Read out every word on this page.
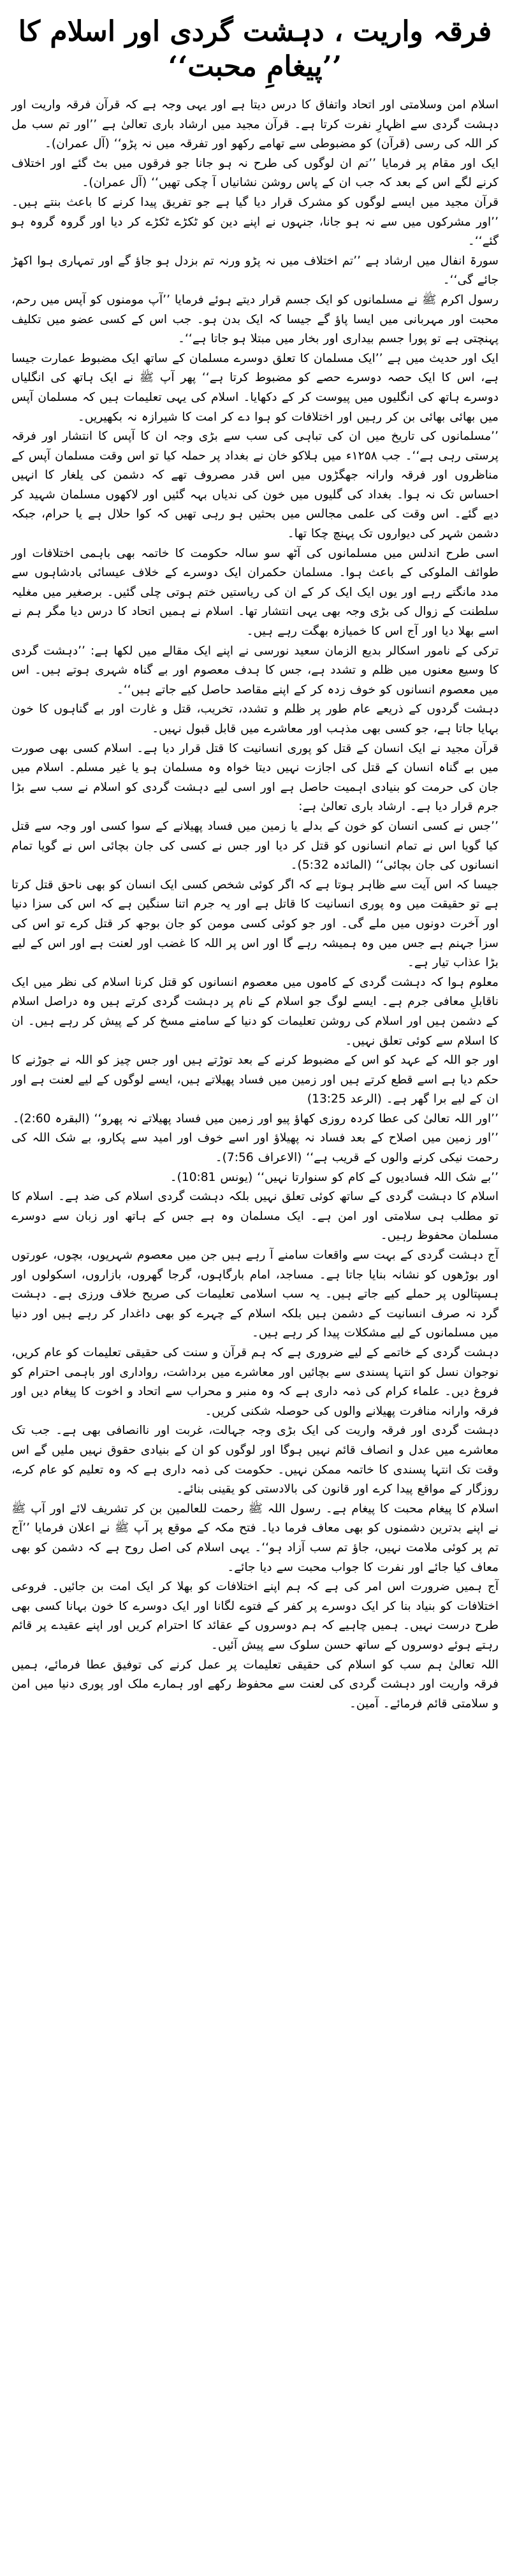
فرقہ واریت ، دہشت گردی اور اسلام کا ’’پیغامِ محبت‘‘

اسلام امن وسلامتی اور اتحاد واتفاق کا درس دیتا ہے اور یہی وجہ ہے کہ قرآن فرقہ واریت اور دہشت گردی سے اظہارِ نفرت کرتا ہے۔ قرآن مجید میں ارشاد باری تعالیٰ ہے ’’اور تم سب مل کر اللہ کی رسی (قرآن) کو مضبوطی سے تھامے رکھو اور تفرقہ میں نہ پڑو‘‘ (آل عمران)۔

ایک اور مقام پر فرمایا ’’تم ان لوگوں کی طرح نہ ہو جانا جو فرقوں میں بٹ گئے اور اختلاف کرنے لگے اس کے بعد کہ جب ان کے پاس روشن نشانیاں آ چکی تھیں‘‘ (آل عمران)۔

قرآن مجید میں ایسے لوگوں کو مشرک قرار دیا گیا ہے جو تفریق پیدا کرنے کا باعث بنتے ہیں۔ ’’اور مشرکوں میں سے نہ ہو جانا، جنہوں نے اپنے دین کو ٹکڑے ٹکڑے کر دیا اور گروہ گروہ ہو گئے‘‘۔

سورۃ انفال میں ارشاد ہے ’’تم اختلاف میں نہ پڑو ورنہ تم بزدل ہو جاؤ گے اور تمہاری ہوا اکھڑ جائے گی‘‘۔

رسول اکرم ﷺ نے مسلمانوں کو ایک جسم قرار دیتے ہوئے فرمایا ’’آپ مومنوں کو آپس میں رحم، محبت اور مہربانی میں ایسا پاؤ گے جیسا کہ ایک بدن ہو۔ جب اس کے کسی عضو میں تکلیف پہنچتی ہے تو پورا جسم بیداری اور بخار میں مبتلا ہو جاتا ہے‘‘۔

ایک اور حدیث میں ہے ’’ایک مسلمان کا تعلق دوسرے مسلمان کے ساتھ ایک مضبوط عمارت جیسا ہے، اس کا ایک حصہ دوسرے حصے کو مضبوط کرتا ہے‘‘ پھر آپ ﷺ نے ایک ہاتھ کی انگلیاں دوسرے ہاتھ کی انگلیوں میں پیوست کر کے دکھایا۔ اسلام کی یہی تعلیمات ہیں کہ مسلمان آپس میں بھائی بھائی بن کر رہیں اور اختلافات کو ہوا دے کر امت کا شیرازہ نہ بکھیریں۔

’’مسلمانوں کی تاریخ میں ان کی تباہی کی سب سے بڑی وجہ ان کا آپس کا انتشار اور فرقہ پرستی رہی ہے‘‘۔ جب ۱۲۵۸ء میں ہلاکو خان نے بغداد پر حملہ کیا تو اس وقت مسلمان آپس کے مناظروں اور فرقہ وارانہ جھگڑوں میں اس قدر مصروف تھے کہ دشمن کی یلغار کا انہیں احساس تک نہ ہوا۔ بغداد کی گلیوں میں خون کی ندیاں بہہ گئیں اور لاکھوں مسلمان شہید کر دیے گئے۔ اس وقت کی علمی مجالس میں بحثیں ہو رہی تھیں کہ کوا حلال ہے یا حرام، جبکہ دشمن شہر کی دیواروں تک پہنچ چکا تھا۔

اسی طرح اندلس میں مسلمانوں کی آٹھ سو سالہ حکومت کا خاتمہ بھی باہمی اختلافات اور طوائف الملوکی کے باعث ہوا۔ مسلمان حکمران ایک دوسرے کے خلاف عیسائی بادشاہوں سے مدد مانگتے رہے اور یوں ایک ایک کر کے ان کی ریاستیں ختم ہوتی چلی گئیں۔ برصغیر میں مغلیہ سلطنت کے زوال کی بڑی وجہ بھی یہی انتشار تھا۔ اسلام نے ہمیں اتحاد کا درس دیا مگر ہم نے اسے بھلا دیا اور آج اس کا خمیازہ بھگت رہے ہیں۔

ترکی کے نامور اسکالر بدیع الزمان سعید نورسی نے اپنے ایک مقالے میں لکھا ہے: ’’دہشت گردی کا وسیع معنوں میں ظلم و تشدد ہے، جس کا ہدف معصوم اور بے گناہ شہری ہوتے ہیں۔ اس میں معصوم انسانوں کو خوف زدہ کر کے اپنے مقاصد حاصل کیے جاتے ہیں‘‘۔

دہشت گردوں کے ذریعے عام طور پر ظلم و تشدد، تخریب، قتل و غارت اور بے گناہوں کا خون بہایا جاتا ہے، جو کسی بھی مذہب اور معاشرے میں قابل قبول نہیں۔

قرآن مجید نے ایک انسان کے قتل کو پوری انسانیت کا قتل قرار دیا ہے۔ اسلام کسی بھی صورت میں بے گناہ انسان کے قتل کی اجازت نہیں دیتا خواہ وہ مسلمان ہو یا غیر مسلم۔ اسلام میں جان کی حرمت کو بنیادی اہمیت حاصل ہے اور اسی لیے دہشت گردی کو اسلام نے سب سے بڑا جرم قرار دیا ہے۔ ارشاد باری تعالیٰ ہے:

’’جس نے کسی انسان کو خون کے بدلے یا زمین میں فساد پھیلانے کے سوا کسی اور وجہ سے قتل کیا گویا اس نے تمام انسانوں کو قتل کر دیا اور جس نے کسی کی جان بچائی اس نے گویا تمام انسانوں کی جان بچائی‘‘ (المائدہ 5:32)۔

جیسا کہ اس آیت سے ظاہر ہوتا ہے کہ اگر کوئی شخص کسی ایک انسان کو بھی ناحق قتل کرتا ہے تو حقیقت میں وہ پوری انسانیت کا قاتل ہے اور یہ جرم اتنا سنگین ہے کہ اس کی سزا دنیا اور آخرت دونوں میں ملے گی۔ اور جو کوئی کسی مومن کو جان بوجھ کر قتل کرے تو اس کی سزا جہنم ہے جس میں وہ ہمیشہ رہے گا اور اس پر اللہ کا غضب اور لعنت ہے اور اس کے لیے بڑا عذاب تیار ہے۔

معلوم ہوا کہ دہشت گردی کے کاموں میں معصوم انسانوں کو قتل کرنا اسلام کی نظر میں ایک ناقابلِ معافی جرم ہے۔ ایسے لوگ جو اسلام کے نام پر دہشت گردی کرتے ہیں وہ دراصل اسلام کے دشمن ہیں اور اسلام کی روشن تعلیمات کو دنیا کے سامنے مسخ کر کے پیش کر رہے ہیں۔ ان کا اسلام سے کوئی تعلق نہیں۔

اور جو اللہ کے عہد کو اس کے مضبوط کرنے کے بعد توڑتے ہیں اور جس چیز کو اللہ نے جوڑنے کا حکم دیا ہے اسے قطع کرتے ہیں اور زمین میں فساد پھیلاتے ہیں، ایسے لوگوں کے لیے لعنت ہے اور ان کے لیے برا گھر ہے۔ (الرعد 13:25)

’’اور اللہ تعالیٰ کی عطا کردہ روزی کھاؤ پیو اور زمین میں فساد پھیلاتے نہ پھرو‘‘ (البقرہ 2:60)۔

’’اور زمین میں اصلاح کے بعد فساد نہ پھیلاؤ اور اسے خوف اور امید سے پکارو، بے شک اللہ کی رحمت نیکی کرنے والوں کے قریب ہے‘‘ (الاعراف 7:56)۔

’’بے شک اللہ فسادیوں کے کام کو سنوارتا نہیں‘‘ (یونس 10:81)۔

اسلام کا دہشت گردی کے ساتھ کوئی تعلق نہیں بلکہ دہشت گردی اسلام کی ضد ہے۔ اسلام کا تو مطلب ہی سلامتی اور امن ہے۔ ایک مسلمان وہ ہے جس کے ہاتھ اور زبان سے دوسرے مسلمان محفوظ رہیں۔

آج دہشت گردی کے بہت سے واقعات سامنے آ رہے ہیں جن میں معصوم شہریوں، بچوں، عورتوں اور بوڑھوں کو نشانہ بنایا جاتا ہے۔ مساجد، امام بارگاہوں، گرجا گھروں، بازاروں، اسکولوں اور ہسپتالوں پر حملے کیے جاتے ہیں۔ یہ سب اسلامی تعلیمات کی صریح خلاف ورزی ہے۔ دہشت گرد نہ صرف انسانیت کے دشمن ہیں بلکہ اسلام کے چہرے کو بھی داغدار کر رہے ہیں اور دنیا میں مسلمانوں کے لیے مشکلات پیدا کر رہے ہیں۔

دہشت گردی کے خاتمے کے لیے ضروری ہے کہ ہم قرآن و سنت کی حقیقی تعلیمات کو عام کریں، نوجوان نسل کو انتہا پسندی سے بچائیں اور معاشرے میں برداشت، رواداری اور باہمی احترام کو فروغ دیں۔ علماء کرام کی ذمہ داری ہے کہ وہ منبر و محراب سے اتحاد و اخوت کا پیغام دیں اور فرقہ وارانہ منافرت پھیلانے والوں کی حوصلہ شکنی کریں۔

دہشت گردی اور فرقہ واریت کی ایک بڑی وجہ جہالت، غربت اور ناانصافی بھی ہے۔ جب تک معاشرے میں عدل و انصاف قائم نہیں ہوگا اور لوگوں کو ان کے بنیادی حقوق نہیں ملیں گے اس وقت تک انتہا پسندی کا خاتمہ ممکن نہیں۔ حکومت کی ذمہ داری ہے کہ وہ تعلیم کو عام کرے، روزگار کے مواقع پیدا کرے اور قانون کی بالادستی کو یقینی بنائے۔

اسلام کا پیغام محبت کا پیغام ہے۔ رسول اللہ ﷺ رحمت للعالمین بن کر تشریف لائے اور آپ ﷺ نے اپنے بدترین دشمنوں کو بھی معاف فرما دیا۔ فتح مکہ کے موقع پر آپ ﷺ نے اعلان فرمایا ’’آج تم پر کوئی ملامت نہیں، جاؤ تم سب آزاد ہو‘‘۔ یہی اسلام کی اصل روح ہے کہ دشمن کو بھی معاف کیا جائے اور نفرت کا جواب محبت سے دیا جائے۔

آج ہمیں ضرورت اس امر کی ہے کہ ہم اپنے اختلافات کو بھلا کر ایک امت بن جائیں۔ فروعی اختلافات کو بنیاد بنا کر ایک دوسرے پر کفر کے فتوے لگانا اور ایک دوسرے کا خون بہانا کسی بھی طرح درست نہیں۔ ہمیں چاہیے کہ ہم دوسروں کے عقائد کا احترام کریں اور اپنے عقیدے پر قائم رہتے ہوئے دوسروں کے ساتھ حسن سلوک سے پیش آئیں۔

اللہ تعالیٰ ہم سب کو اسلام کی حقیقی تعلیمات پر عمل کرنے کی توفیق عطا فرمائے، ہمیں فرقہ واریت اور دہشت گردی کی لعنت سے محفوظ رکھے اور ہمارے ملک اور پوری دنیا میں امن و سلامتی قائم فرمائے۔ آمین۔
